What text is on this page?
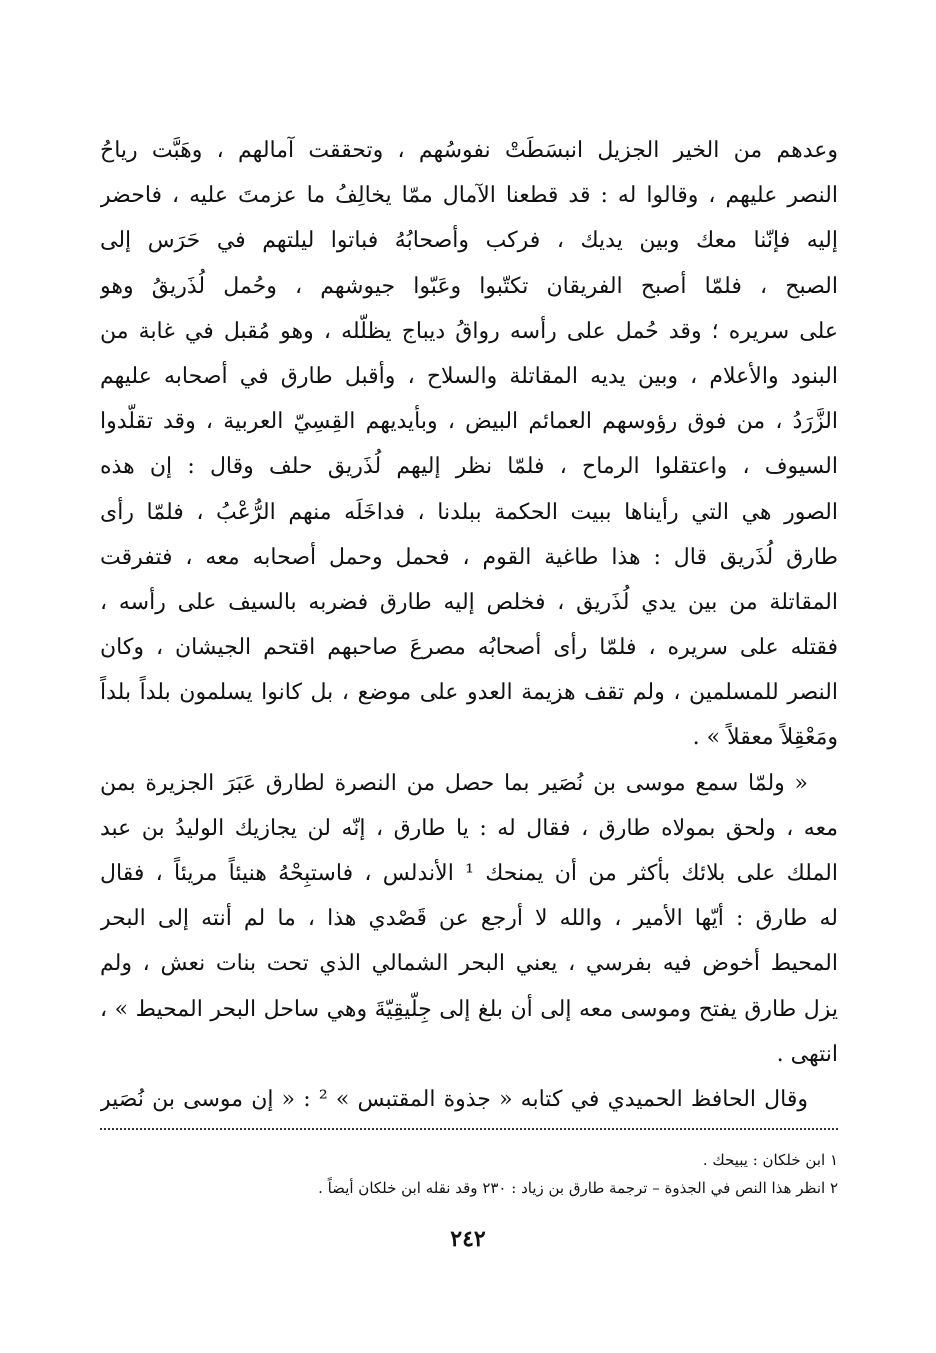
وعدهم من الخير الجزيل انبسَطَتْ نفوسُهم ، وتحققت آمالهم ، وهَبَّت رياحُ
النصر عليهم ، وقالوا له : قد قطعنا الآمال ممّا يخالِفُ ما عزمتَ عليه ، فاحضر
إليه فإنّنا معك وبين يديك ، فركب وأصحابُهُ فباتوا ليلتهم في حَرَس إلى
الصبح ، فلمّا أصبح الفريقان تكتّبوا وعَبّوا جيوشهم ، وحُمل لُذَريقُ وهو
على سريره ؛ وقد حُمل على رأسه رواقُ ديباج يظلّله ، وهو مُقبل في غابة من
البنود والأعلام ، وبين يديه المقاتلة والسلاح ، وأقبل طارق في أصحابه عليهم
الزَّرَدُ ، من فوق رؤوسهم العمائم البيض ، وبأيديهم القِسِيّ العربية ، وقد تقلّدوا
السيوف ، واعتقلوا الرماح ، فلمّا نظر إليهم لُذَريق حلف وقال : إن هذه
الصور هي التي رأيناها ببيت الحكمة ببلدنا ، فداخَلَه منهم الرُّعْبُ ، فلمّا رأى
طارق لُذَريق قال : هذا طاغية القوم ، فحمل وحمل أصحابه معه ، فتفرقت
المقاتلة من بين يدي لُذَريق ، فخلص إليه طارق فضربه بالسيف على رأسه ،
فقتله على سريره ، فلمّا رأى أصحابُه مصرعَ صاحبهم اقتحم الجيشان ، وكان
النصر للمسلمين ، ولم تقف هزيمة العدو على موضع ، بل كانوا يسلمون بلداً بلداً
ومَعْقِلاً معقلاً » .
« ولمّا سمع موسى بن نُصَير بما حصل من النصرة لطارق عَبَرَ الجزيرة بمن
معه ، ولحق بمولاه طارق ، فقال له : يا طارق ، إنّه لن يجازيك الوليدُ بن عبد
الملك على بلائك بأكثر من أن يمنحك ¹ الأندلس ، فاستبِحْهُ هنيئاً مريئاً ، فقال
له طارق : أيّها الأمير ، والله لا أرجع عن قَصْدي هذا ، ما لم أنته إلى البحر
المحيط أخوض فيه بفرسي ، يعني البحر الشمالي الذي تحت بنات نعش ، ولم
يزل طارق يفتح وموسى معه إلى أن بلغ إلى جِلّيقِيّةَ وهي ساحل البحر المحيط » ،
انتهى .
وقال الحافظ الحميدي في كتابه « جذوة المقتبس » ² : « إن موسى بن نُصَير
١ ابن خلكان : يبيحك .
٢ انظر هذا النص في الجذوة – ترجمة طارق بن زياد : ٢٣٠ وقد نقله ابن خلكان أيضاً .
٢٤٢
